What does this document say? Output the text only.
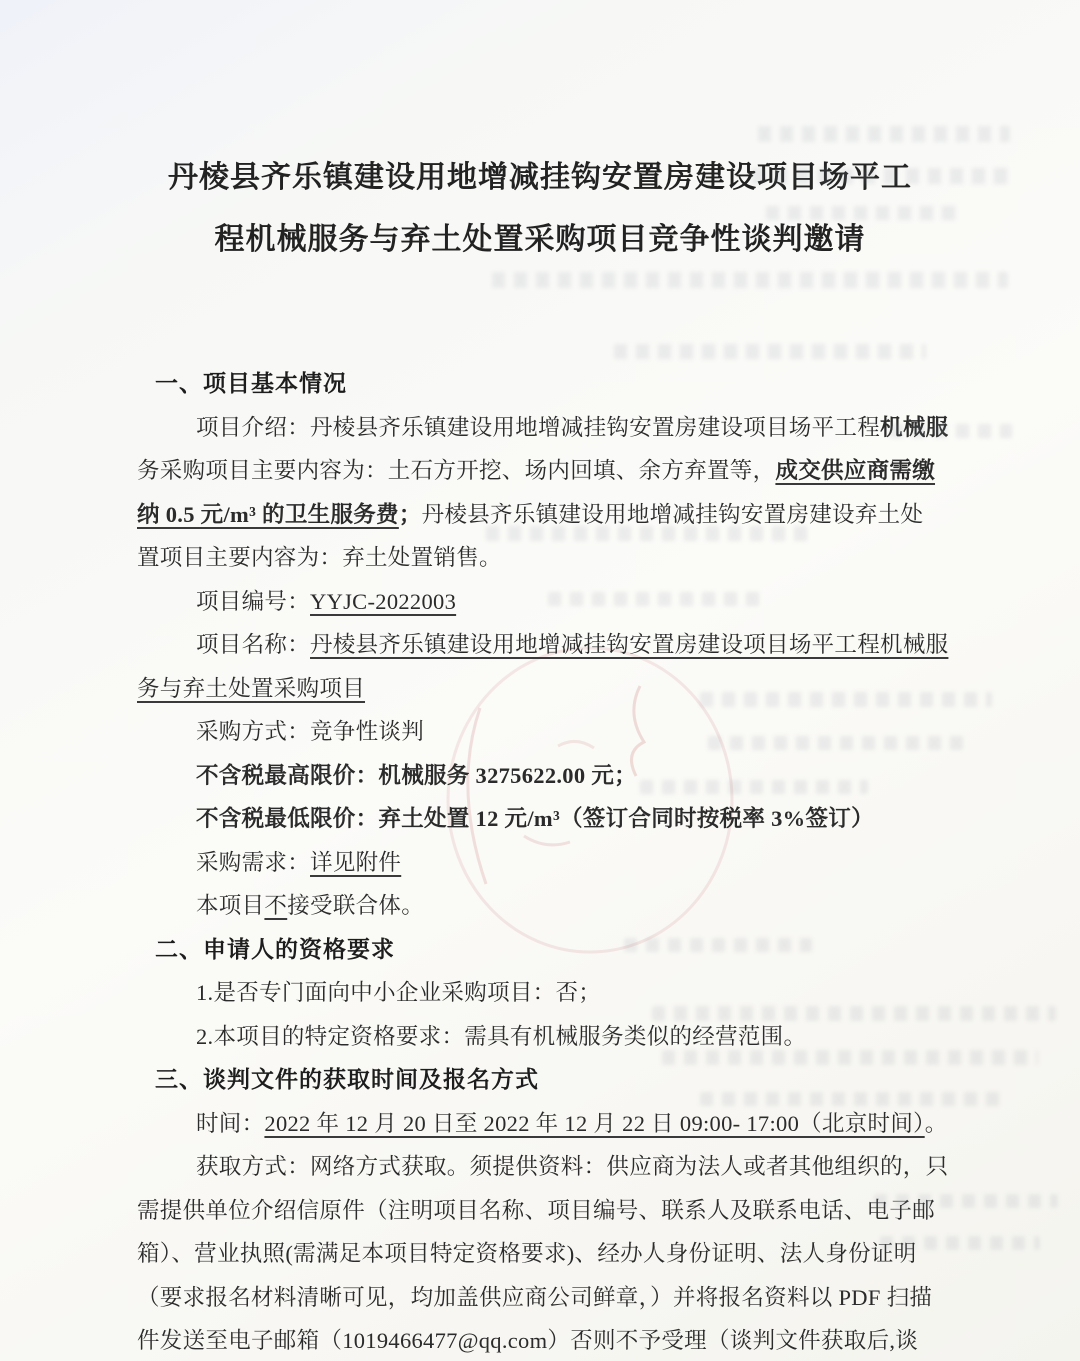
丹棱县齐乐镇建设用地增减挂钩安置房建设项目场平工
程机械服务与弃土处置采购项目竞争性谈判邀请
一、项目基本情况
项目介绍：丹棱县齐乐镇建设用地增减挂钩安置房建设项目场平工程机械服
务采购项目主要内容为：土石方开挖、场内回填、余方弃置等，成交供应商需缴
纳 0.5 元/m³ 的卫生服务费；丹棱县齐乐镇建设用地增减挂钩安置房建设弃土处
置项目主要内容为：弃土处置销售。
项目编号：YYJC-2022003
项目名称：丹棱县齐乐镇建设用地增减挂钩安置房建设项目场平工程机械服
务与弃土处置采购项目
采购方式：竞争性谈判
不含税最高限价：机械服务 3275622.00 元；
不含税最低限价：弃土处置 12 元/m³（签订合同时按税率 3%签订）
采购需求：详见附件
本项目不接受联合体。
二、申请人的资格要求
1.是否专门面向中小企业采购项目：否；
2.本项目的特定资格要求：需具有机械服务类似的经营范围。
三、谈判文件的获取时间及报名方式
时间：2022 年 12 月 20 日至 2022 年 12 月 22 日 09:00- 17:00（北京时间）。
获取方式：网络方式获取。须提供资料：供应商为法人或者其他组织的，只
需提供单位介绍信原件（注明项目名称、项目编号、联系人及联系电话、电子邮
箱）、营业执照(需满足本项目特定资格要求)、经办人身份证明、法人身份证明
（要求报名材料清晰可见，均加盖供应商公司鲜章，）并将报名资料以 PDF 扫描
件发送至电子邮箱（1019466477@qq.com）否则不予受理（谈判文件获取后,谈
